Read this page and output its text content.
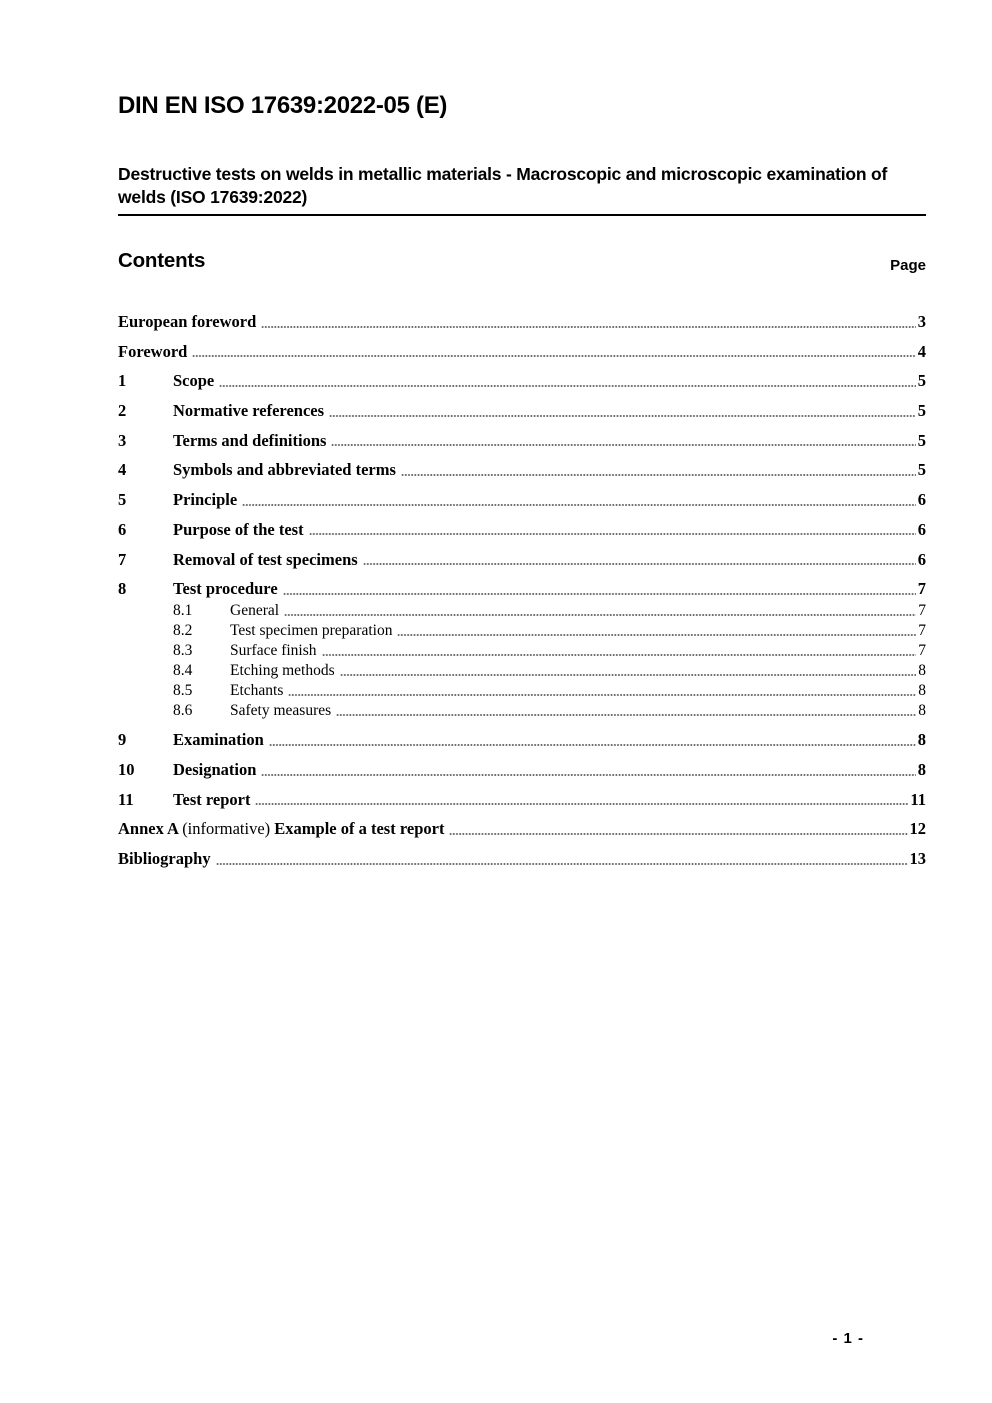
DIN EN ISO 17639:2022-05 (E)
Destructive tests on welds in metallic materials - Macroscopic and microscopic examination of welds (ISO 17639:2022)
Contents	Page
European foreword	3
Foreword	4
1	Scope	5
2	Normative references	5
3	Terms and definitions	5
4	Symbols and abbreviated terms	5
5	Principle	6
6	Purpose of the test	6
7	Removal of test specimens	6
8	Test procedure	7
8.1	General	7
8.2	Test specimen preparation	7
8.3	Surface finish	7
8.4	Etching methods	8
8.5	Etchants	8
8.6	Safety measures	8
9	Examination	8
10	Designation	8
11	Test report	11
Annex A (informative) Example of a test report	12
Bibliography	13
- 1 -
